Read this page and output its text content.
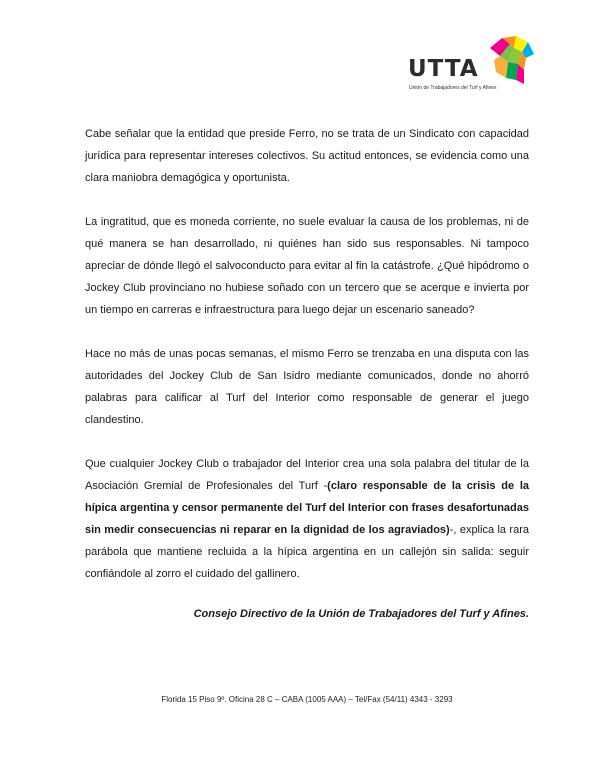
UTTA
Unión de Trabajadores del Turf y Afines

Cabe señalar que la entidad que preside Ferro, no se trata de un Sindicato con capacidad jurídica para representar intereses colectivos. Su actitud entonces, se evidencia como una clara maniobra demagógica y oportunista.

La ingratitud, que es moneda corriente, no suele evaluar la causa de los problemas, ni de qué manera se han desarrollado, ni quiénes han sido sus responsables. Ni tampoco apreciar de dónde llegó el salvoconducto para evitar al fin la catástrofe. ¿Qué hipódromo o Jockey Club provinciano no hubiese soñado con un tercero que se acerque e invierta por un tiempo en carreras e infraestructura para luego dejar un escenario saneado?

Hace no más de unas pocas semanas, el mismo Ferro se trenzaba en una disputa con las autoridades del Jockey Club de San Isidro mediante comunicados, donde no ahorró palabras para calificar al Turf del Interior como responsable de generar el juego clandestino.

Que cualquier Jockey Club o trabajador del Interior crea una sola palabra del titular de la Asociación Gremial de Profesionales del Turf -(claro responsable de la crisis de la hípica argentina y censor permanente del Turf del Interior con frases desafortunadas sin medir consecuencias ni reparar en la dignidad de los agraviados)-, explica la rara parábola que mantiene recluida a la hípica argentina en un callejón sin salida: seguir confiándole al zorro el cuidado del gallinero.

Consejo Directivo de la Unión de Trabajadores del Turf y Afines.
Florida 15 Piso 9º. Oficina 28 C – CABA (1005 AAA) – Tel/Fax (54/11) 4343 - 3293
